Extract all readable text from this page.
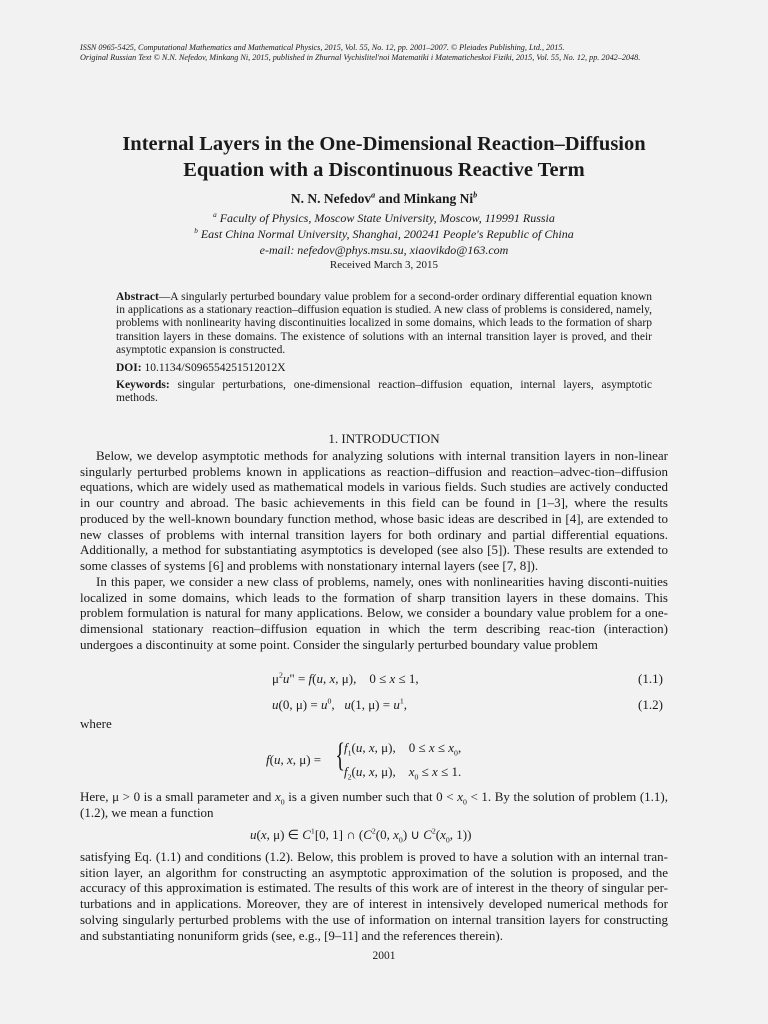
ISSN 0965-5425, Computational Mathematics and Mathematical Physics, 2015, Vol. 55, No. 12, pp. 2001–2007. © Pleiades Publishing, Ltd., 2015.
Original Russian Text © N.N. Nefedov, Minkang Ni, 2015, published in Zhurnal Vychislitel'noi Matematiki i Matematicheskoi Fiziki, 2015, Vol. 55, No. 12, pp. 2042–2048.
Internal Layers in the One-Dimensional Reaction–Diffusion
Equation with a Discontinuous Reactive Term
N. N. Nefedov$^a$ and Minkang Ni$^b$
$^a$ Faculty of Physics, Moscow State University, Moscow, 119991 Russia
$^b$ East China Normal University, Shanghai, 200241 People's Republic of China
e-mail: nefedov@phys.msu.su, xiaovikdo@163.com
Received March 3, 2015
Abstract—A singularly perturbed boundary value problem for a second-order ordinary differential equation known in applications as a stationary reaction–diffusion equation is studied. A new class of problems is considered, namely, problems with nonlinearity having discontinuities localized in some domains, which leads to the formation of sharp transition layers in these domains. The existence of solutions with an internal transition layer is proved, and their asymptotic expansion is constructed.
DOI: 10.1134/S096554251512012X
Keywords: singular perturbations, one-dimensional reaction–diffusion equation, internal layers, asymptotic methods.
1. INTRODUCTION

Below, we develop asymptotic methods for analyzing solutions with internal transition layers in non-linear singularly perturbed problems known in applications as reaction–diffusion and reaction–advec-tion–diffusion equations, which are widely used as mathematical models in various fields. Such studies are actively conducted in our country and abroad. The basic achievements in this field can be found in [1–3], where the results produced by the well-known boundary function method, whose basic ideas are described in [4], are extended to new classes of problems with internal transition layers for both ordinary and partial differential equations. Additionally, a method for substantiating asymptotics is developed (see also [5]). These results are extended to some classes of systems [6] and problems with nonstationary internal layers (see [7, 8]).

In this paper, we consider a new class of problems, namely, ones with nonlinearities having disconti-nuities localized in some domains, which leads to the formation of sharp transition layers in these domains. This problem formulation is natural for many applications. Below, we consider a boundary value problem for a one-dimensional stationary reaction–diffusion equation in which the term describing reac-tion (interaction) undergoes a discontinuity at some point. Consider the singularly perturbed boundary value problem

$\mu^2u$" = f(u, x, μ),    0 ≤ x ≤ 1,	(1.1)
u(0, $\mu) = u^0$,   u(1, $\mu) = u^1$,	(1.2)
where
f(u, x, μ) = {
$f_1(u$, x, μ),    $0 \le x \le x_0$,
$f_2(u$, x, μ),    $x_0 \le x \le 1$.

Here, μ > 0 is a small parameter and $x_0$ is a given number such that $0 < x_0 < 1$. By the solution of problem (1.1), (1.2), we mean a function

u(x, μ) ∈ $C^1[0$, 1] ∩ ($C^2(0$, $x_0$) ∪ $C^2(x_0$, 1))

satisfying Eq. (1.1) and conditions (1.2). Below, this problem is proved to have a solution with an internal tran-sition layer, an algorithm for constructing an asymptotic approximation of the solution is proposed, and the accuracy of this approximation is estimated. The results of this work are of interest in the theory of singular per-turbations and in applications. Moreover, they are of interest in intensively developed numerical methods for solving singularly perturbed problems with the use of information on internal transition layers for constructing and substantiating nonuniform grids (see, e.g., [9–11] and the references therein).

2001
